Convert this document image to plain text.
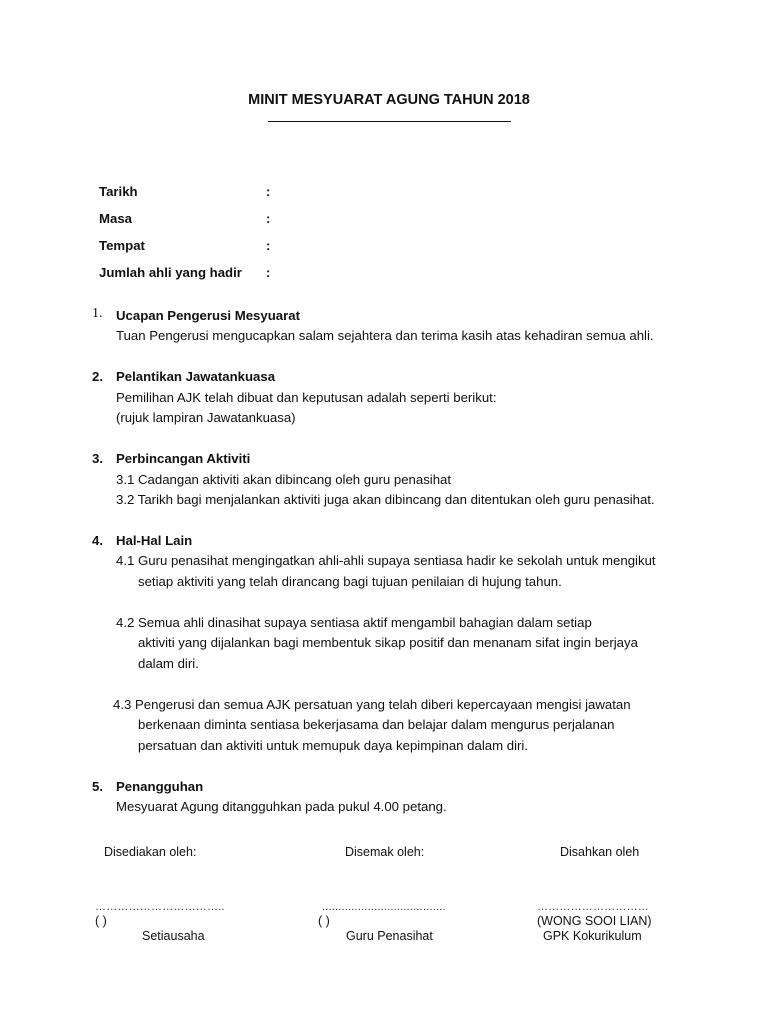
MINIT MESYUARAT AGUNG TAHUN 2018
Tarikh	:
Masa	:
Tempat	:
Jumlah ahli yang hadir :
1. Ucapan Pengerusi Mesyuarat
Tuan Pengerusi mengucapkan salam sejahtera dan terima kasih atas kehadiran semua ahli.
2. Pelantikan Jawatankuasa
Pemilihan AJK telah dibuat dan keputusan adalah seperti berikut:
(rujuk lampiran Jawatankuasa)
3. Perbincangan Aktiviti
3.1 Cadangan aktiviti akan dibincang oleh guru penasihat
3.2 Tarikh bagi menjalankan aktiviti juga akan dibincang dan ditentukan oleh guru penasihat.
4. Hal-Hal Lain
4.1 Guru penasihat mengingatkan ahli-ahli supaya sentiasa hadir ke sekolah untuk mengikut
setiap aktiviti yang telah dirancang bagi tujuan penilaian di hujung tahun.
4.2 Semua ahli dinasihat supaya sentiasa aktif mengambil bahagian dalam setiap
aktiviti yang dijalankan bagi membentuk sikap positif dan menanam sifat ingin berjaya
dalam diri.
4.3 Pengerusi dan semua AJK persatuan yang telah diberi kepercayaan mengisi jawatan
berkenaan diminta sentiasa bekerjasama dan belajar dalam mengurus perjalanan
persatuan dan aktiviti untuk memupuk daya kepimpinan dalam diri.
5. Penangguhan
Mesyuarat Agung ditangguhkan pada pukul 4.00 petang.
Disediakan oleh:	Disemak oleh:	Disahkan oleh
……………………………..	......................................	…………………………
( )	( )	(WONG SOOI LIAN)
Setiausaha	Guru Penasihat	GPK Kokurikulum
